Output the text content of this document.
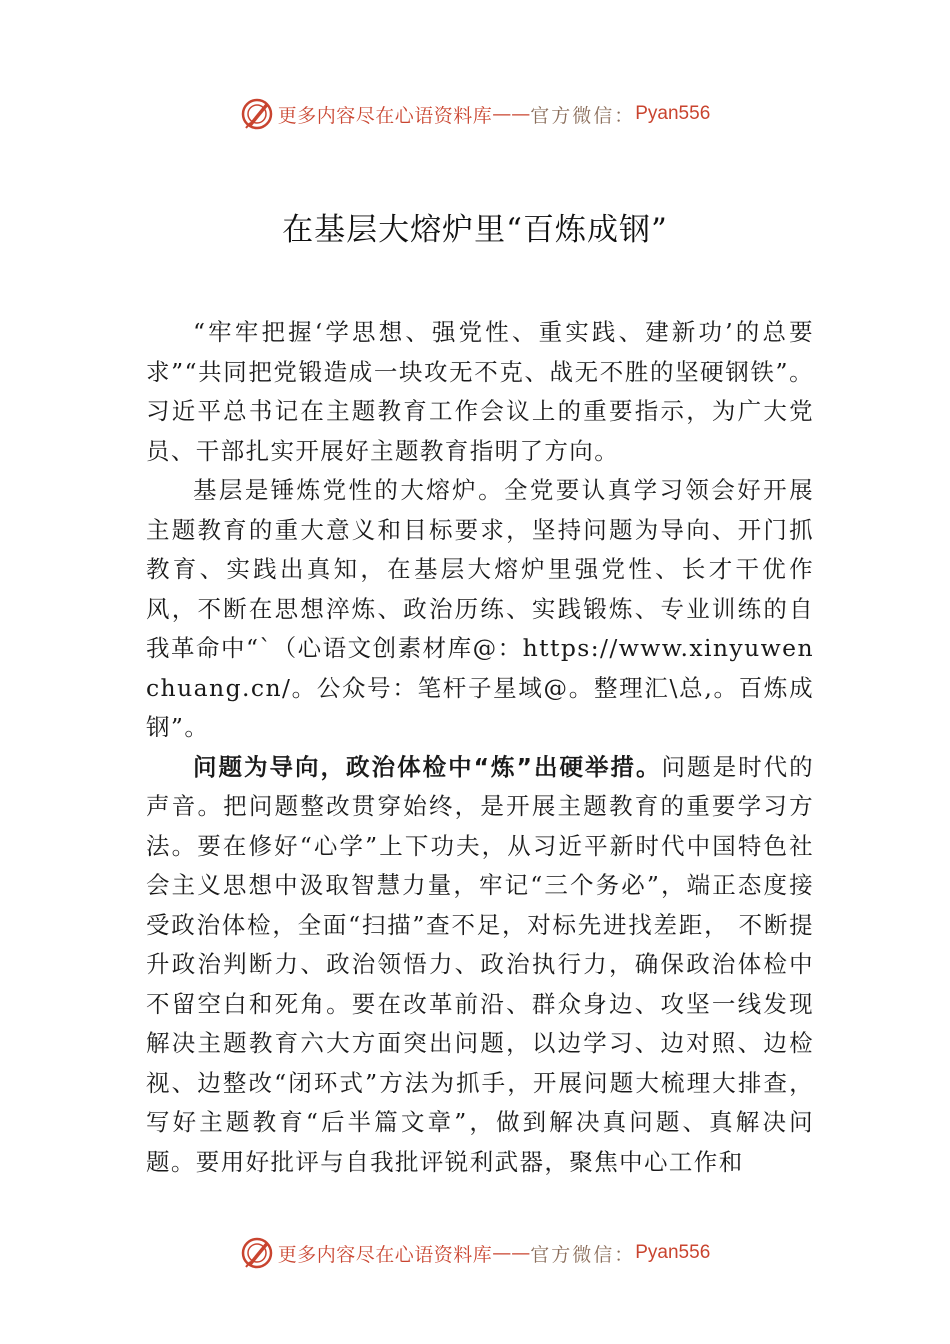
更多内容尽在心语资料库 —— 官方微信： Pyan556
在基层大熔炉里“百炼成钢”

“牢牢把握‘学思想、强党性、重实践、建新功’的总要求”“共同把党锻造成一块攻无不克、战无不胜的坚硬钢铁”。习近平总书记在主题教育工作会议上的重要指示，为广大党员、干部扎实开展好主题教育指明了方向。

基层是锤炼党性的大熔炉。全党要认真学习领会好开展主题教育的重大意义和目标要求，坚持问题为导向、开门抓教育、实践出真知，在基层大熔炉里强党性、长才干优作风，不断在思想淬炼、政治历练、实践锻炼、专业训练的自我革命中“`（心语文创素材库@：https://www.xinyuwenchuang.cn/。公众号：笔杆子星域@。整理汇\总,。百炼成钢”。

问题为导向，政治体检中“炼”出硬举措。问题是时代的声音。把问题整改贯穿始终，是开展主题教育的重要学习方法。要在修好“心学”上下功夫，从习近平新时代中国特色社会主义思想中汲取智慧力量，牢记“三个务必”，端正态度接受政治体检，全面“扫描”查不足，对标先进找差距， 不断提升政治判断力、政治领悟力、政治执行力，确保政治体检中不留空白和死角。要在改革前沿、群众身边、攻坚一线发现解决主题教育六大方面突出问题，以边学习、边对照、边检视、边整改“闭环式”方法为抓手，开展问题大梳理大排查，写好主题教育“后半篇文章”，做到解决真问题、真解决问题。要用好批评与自我批评锐利武器，聚焦中心工作和

更多内容尽在心语资料库 —— 官方微信： Pyan556
